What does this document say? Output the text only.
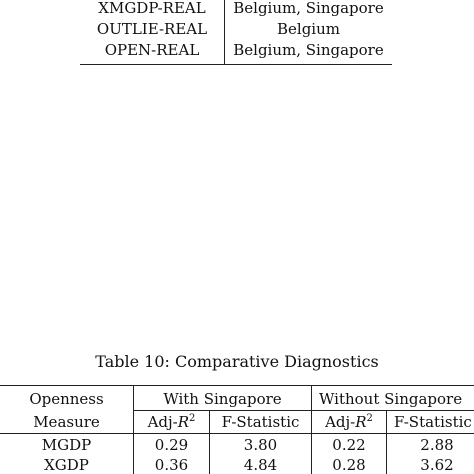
XMGDP-REAL	Belgium, Singapore
OUTLIE-REAL	Belgium
OPEN-REAL	Belgium, Singapore
Table 10: Comparative Diagnostics
Openness
Measure
With Singapore	Without Singapore
Adj-$R^2$	F-Statistic	Adj-$R^2$	F-Statistic
MGDP	0.29	3.80	0.22	2.88
XGDP	0.36	4.84	0.28	3.62
